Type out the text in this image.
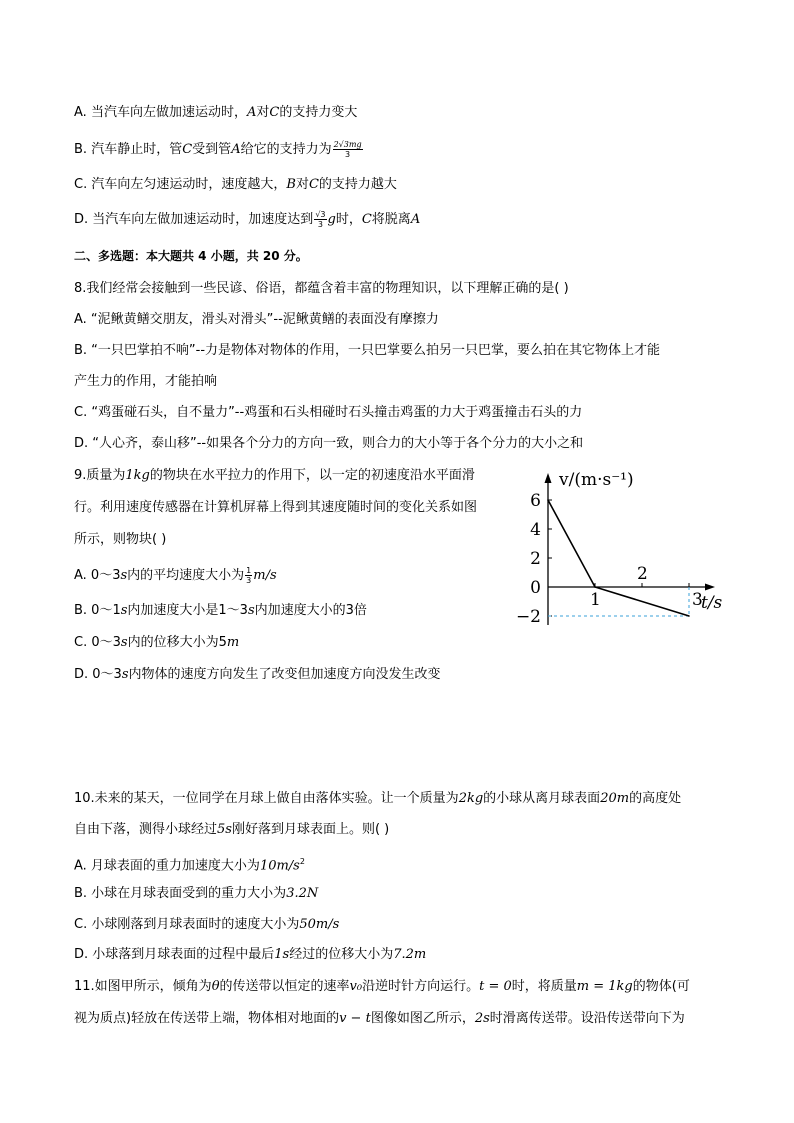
A. 当汽车向左做加速运动时，A对C的支持力变大
B. 汽车静止时，管C受到管A给它的支持力为 $\frac{2√3mg}{3}$
C. 汽车向左匀速运动时，速度越大，B对C的支持力越大
D. 当汽车向左做加速运动时，加速度达到 $\frac{√3}{3}$ g时，C将脱离A
二、多选题：本大题共 4 小题，共 20 分。
8.我们经常会接触到一些民谚、俗语，都蕴含着丰富的物理知识，以下理解正确的是( )
A. “泥鳅黄鳝交朋友，滑头对滑头”--泥鳅黄鳝的表面没有摩擦力
B. “一只巴掌拍不响”--力是物体对物体的作用，一只巴掌要么拍另一只巴掌，要么拍在其它物体上才能
产生力的作用，才能拍响
C. “鸡蛋碰石头，自不量力”--鸡蛋和石头相碰时石头撞击鸡蛋的力大于鸡蛋撞击石头的力
D. “人心齐，泰山移”--如果各个分力的方向一致，则合力的大小等于各个分力的大小之和
9.质量为1kg的物块在水平拉力的作用下，以一定的初速度沿水平面滑
行。利用速度传感器在计算机屏幕上得到其速度随时间的变化关系如图
所示，则物块( )
A. 0～3s内的平均速度大小为 $\frac{1}{3} m/s$
B. 0～1s内加速度大小是1～3s内加速度大小的3倍
C. 0～3s内的位移大小为5m
D. 0～3s内物体的速度方向发生了改变但加速度方向没发生改变
v/(m·s⁻¹)
t/s
6
4
2
0
−2
1
2
3
10.未来的某天，一位同学在月球上做自由落体实验。让一个质量为2kg的小球从离月球表面20m的高度处
自由下落，测得小球经过5s刚好落到月球表面上。则( )
A. 月球表面的重力加速度大小为$10m/s^2$
B. 小球在月球表面受到的重力大小为3.2N
C. 小球刚落到月球表面时的速度大小为50m/s
D. 小球落到月球表面的过程中最后1s经过的位移大小为7.2m
11.如图甲所示，倾角为θ的传送带以恒定的速率v₀沿逆时针方向运行。t = 0时，将质量m = 1kg的物体(可
视为质点)轻放在传送带上端，物体相对地面的v − t图像如图乙所示，2s时滑离传送带。设沿传送带向下为
